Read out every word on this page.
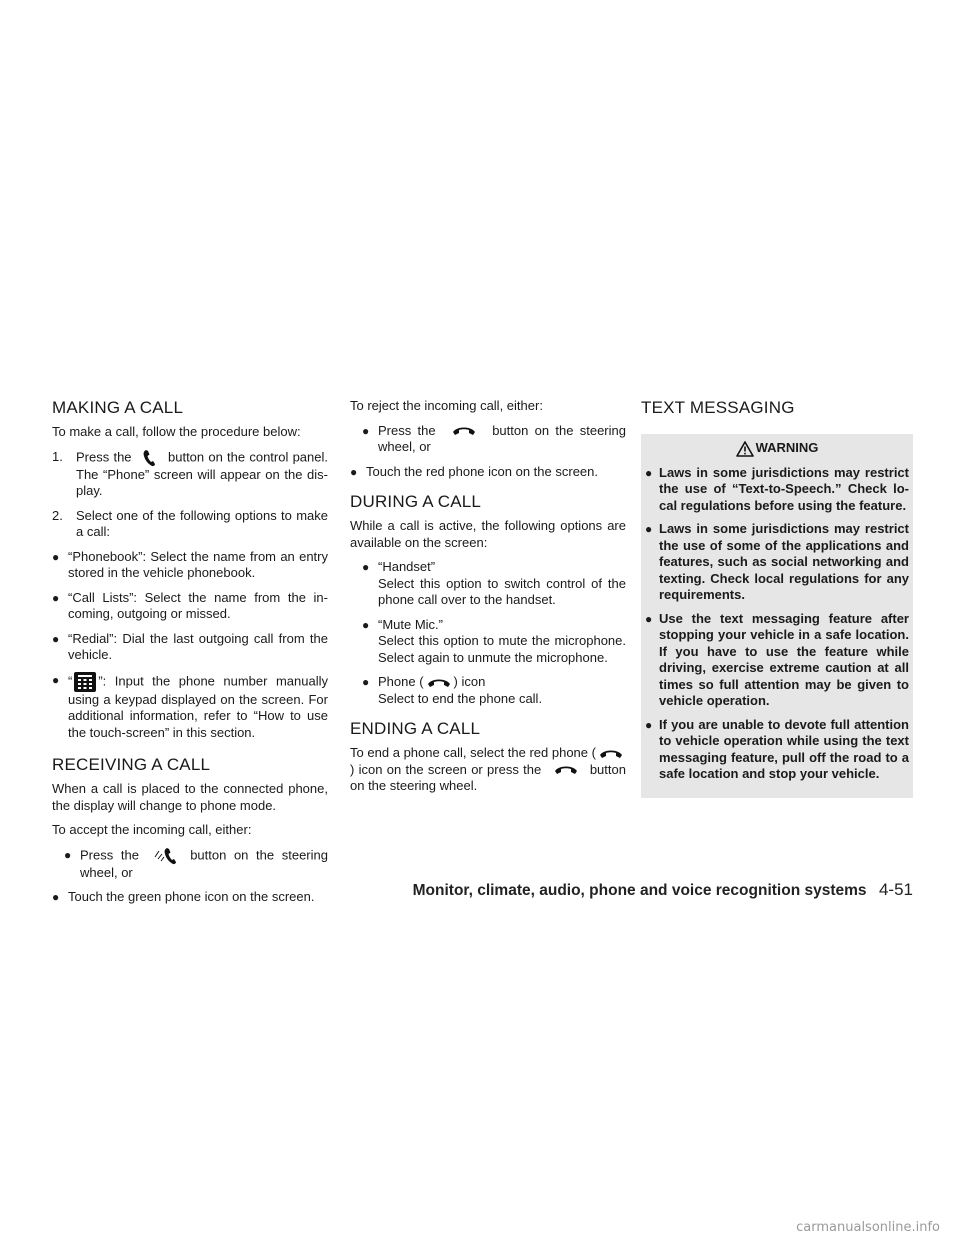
MAKING A CALL

To make a call, follow the procedure below:

1.	Press the	button on the control panel. The “Phone” screen will appear on the dis-play.
2.	Select one of the following options to make a call:
● “Phonebook”: Select the name from an entry stored in the vehicle phonebook.
● “Call Lists”: Select the name from the in-coming, outgoing or missed.
● “Redial”: Dial the last outgoing call from the vehicle.
● “ ”: Input the phone number manually using a keypad displayed on the screen. For additional information, refer to “How to use the touch-screen” in this section.
RECEIVING A CALL

When a call is placed to the connected phone, the display will change to phone mode.

To accept the incoming call, either:

● Press the	button on the steering wheel, or
● Touch the green phone icon on the screen.

To reject the incoming call, either:

● Press the	button on the steering wheel, or
● Touch the red phone icon on the screen.
DURING A CALL

While a call is active, the following options are available on the screen:

● “Handset”
Select this option to switch control of the phone call over to the handset.
● “Mute Mic.”
Select this option to mute the microphone. Select again to unmute the microphone.
● Phone ( ) icon
Select to end the phone call.
ENDING A CALL

To end a phone call, select the red phone (
) icon on the screen or press the	button on the steering wheel.

TEXT MESSAGING
WARNING
● Laws in some jurisdictions may restrict the use of “Text-to-Speech.” Check lo-cal regulations before using the feature.
● Laws in some jurisdictions may restrict the use of some of the applications and features, such as social networking and texting. Check local regulations for any requirements.
● Use the text messaging feature after stopping your vehicle in a safe location. If you have to use the feature while driving, exercise extreme caution at all times so full attention may be given to vehicle operation.
● If you are unable to devote full attention to vehicle operation while using the text messaging feature, pull off the road to a safe location and stop your vehicle.
Monitor, climate, audio, phone and voice recognition systems 4-51
carmanualsonline.info
